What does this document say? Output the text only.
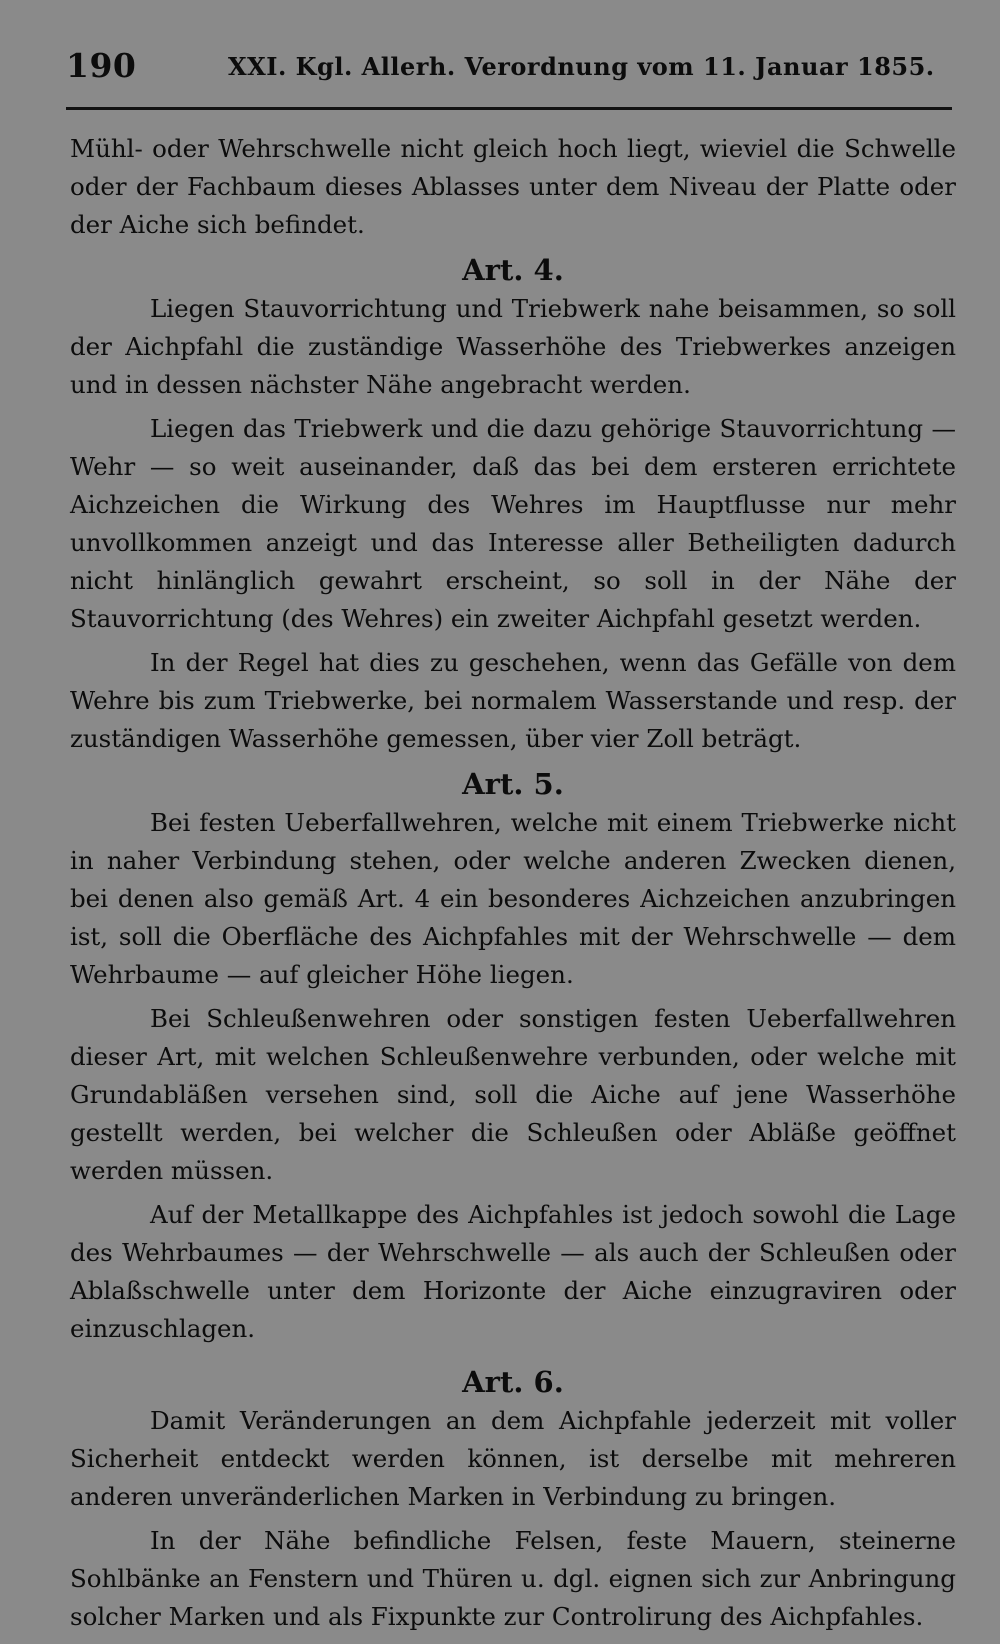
190	XXI. Kgl. Allerh. Verordnung vom 11. Januar 1855.

Mühl- oder Wehrschwelle nicht gleich hoch liegt, wieviel die Schwelle oder der Fachbaum dieses Ablasses unter dem Niveau der Platte oder der Aiche sich befindet.

Art. 4.

Liegen Stauvorrichtung und Triebwerk nahe beisammen, so soll der Aichpfahl die zuständige Wasserhöhe des Triebwerkes anzeigen und in dessen nächster Nähe angebracht werden.

Liegen das Triebwerk und die dazu gehörige Stauvorrichtung — Wehr — so weit auseinander, daß das bei dem ersteren errichtete Aichzeichen die Wirkung des Wehres im Hauptflusse nur mehr unvollkommen anzeigt und das Interesse aller Betheiligten dadurch nicht hinlänglich gewahrt erscheint, so soll in der Nähe der Stauvorrichtung (des Wehres) ein zweiter Aichpfahl gesetzt werden.

In der Regel hat dies zu geschehen, wenn das Gefälle von dem Wehre bis zum Triebwerke, bei normalem Wasserstande und resp. der zuständigen Wasserhöhe gemessen, über vier Zoll beträgt.

Art. 5.

Bei festen Ueberfallwehren, welche mit einem Triebwerke nicht in naher Verbindung stehen, oder welche anderen Zwecken dienen, bei denen also gemäß Art. 4 ein besonderes Aichzeichen anzubringen ist, soll die Oberfläche des Aichpfahles mit der Wehrschwelle — dem Wehrbaume — auf gleicher Höhe liegen.

Bei Schleußenwehren oder sonstigen festen Ueberfallwehren dieser Art, mit welchen Schleußenwehre verbunden, oder welche mit Grundabläßen versehen sind, soll die Aiche auf jene Wasserhöhe gestellt werden, bei welcher die Schleußen oder Abläße geöffnet werden müssen.

Auf der Metallkappe des Aichpfahles ist jedoch sowohl die Lage des Wehrbaumes — der Wehrschwelle — als auch der Schleußen oder Ablaßschwelle unter dem Horizonte der Aiche einzugraviren oder einzuschlagen.

Art. 6.

Damit Veränderungen an dem Aichpfahle jederzeit mit voller Sicherheit entdeckt werden können, ist derselbe mit mehreren anderen unveränderlichen Marken in Verbindung zu bringen.

In der Nähe befindliche Felsen, feste Mauern, steinerne Sohlbänke an Fenstern und Thüren u. dgl. eignen sich zur Anbringung solcher Marken und als Fixpunkte zur Controlirung des Aichpfahles.
